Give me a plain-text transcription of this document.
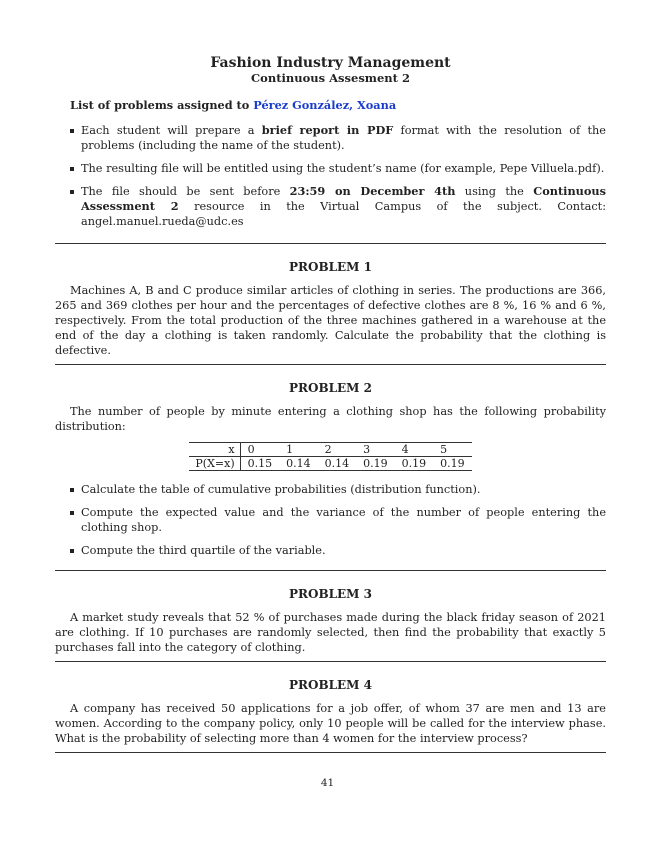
Fashion Industry Management

Continuous Assesment 2

List of problems assigned to Pérez González, Xoana

Each student will prepare a brief report in PDF format with the resolution of the problems (including the name of the student).
The resulting file will be entitled using the student’s name (for example, Pepe Villuela.pdf).
The file should be sent before 23:59 on December 4th using the Continuous Assessment 2 resource in the Virtual Campus of the subject. Contact: angel.manuel.rueda@udc.es

PROBLEM 1

Machines A, B and C produce similar articles of clothing in series. The productions are 366, 265 and 369 clothes per hour and the percentages of defective clothes are 8 %, 16 % and 6 %, respectively. From the total production of the three machines gathered in a warehouse at the end of the day a clothing is taken randomly. Calculate the probability that the clothing is defective.

PROBLEM 2

The number of people by minute entering a clothing shop has the following probability distribution:

x	0	1	2	3	4	5
P(X=x)	0.15	0.14	0.14	0.19	0.19	0.19
Calculate the table of cumulative probabilities (distribution function).
Compute the expected value and the variance of the number of people entering the clothing shop.
Compute the third quartile of the variable.

PROBLEM 3

A market study reveals that 52 % of purchases made during the black friday season of 2021 are clothing. If 10 purchases are randomly selected, then find the probability that exactly 5 purchases fall into the category of clothing.

PROBLEM 4

A company has received 50 applications for a job offer, of whom 37 are men and 13 are women. According to the company policy, only 10 people will be called for the interview phase. What is the probability of selecting more than 4 women for the interview process?

41
